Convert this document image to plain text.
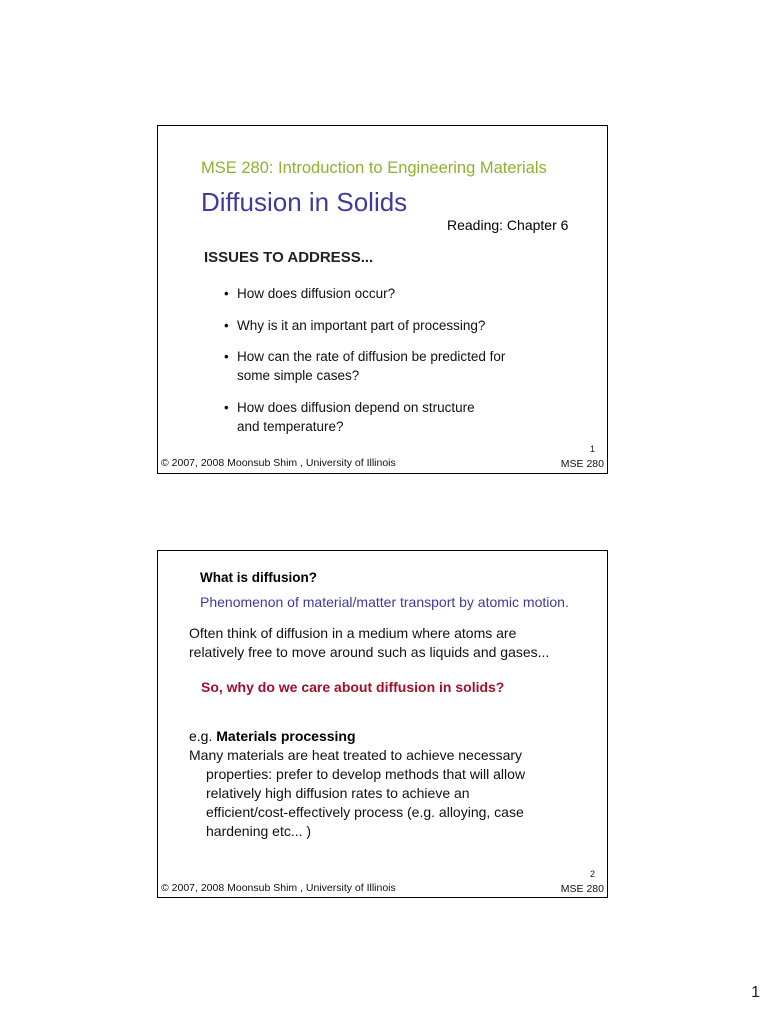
MSE 280: Introduction to Engineering Materials
Diffusion in Solids
Reading: Chapter 6
ISSUES TO ADDRESS...
• How does diffusion occur?
• Why is it an important part of processing?
• How can the rate of diffusion be predicted for
some simple cases?
• How does diffusion depend on structure
and temperature?
1
© 2007, 2008 Moonsub Shim , University of Illinois	MSE 280
What is diffusion?
Phenomenon of material/matter transport by atomic motion.
Often think of diffusion in a medium where atoms are
relatively free to move around such as liquids and gases...
So, why do we care about diffusion in solids?
e.g. Materials processing
Many materials are heat treated to achieve necessary
properties: prefer to develop methods that will allow
relatively high diffusion rates to achieve an
efficient/cost-effectively process (e.g. alloying, case
hardening etc... )
2
© 2007, 2008 Moonsub Shim , University of Illinois	MSE 280
1
